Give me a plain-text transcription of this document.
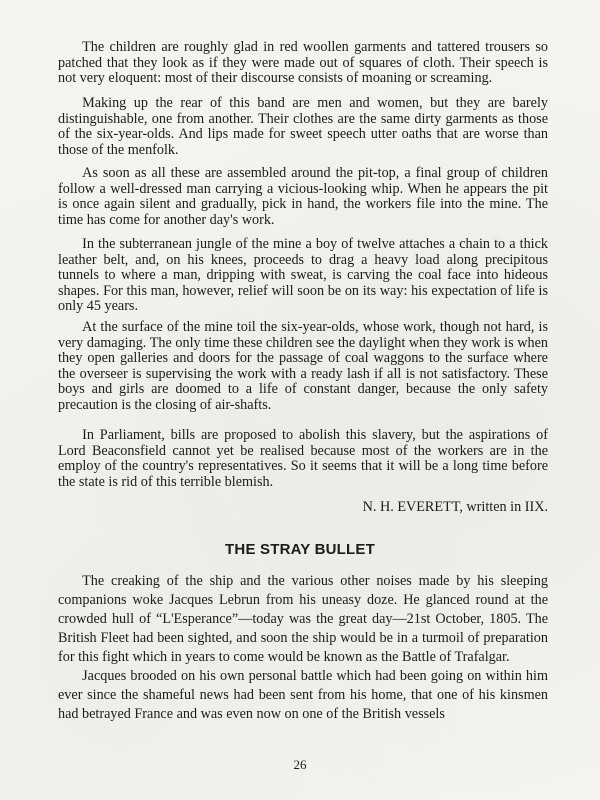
The children are roughly glad in red woollen garments and tattered trousers so patched that they look as if they were made out of squares of cloth. Their speech is not very eloquent: most of their discourse consists of moaning or screaming.

Making up the rear of this band are men and women, but they are barely distinguishable, one from another. Their clothes are the same dirty garments as those of the six-year-olds. And lips made for sweet speech utter oaths that are worse than those of the menfolk.

As soon as all these are assembled around the pit-top, a final group of children follow a well-dressed man carrying a vicious-looking whip. When he appears the pit is once again silent and gradually, pick in hand, the workers file into the mine. The time has come for another day's work.

In the subterranean jungle of the mine a boy of twelve attaches a chain to a thick leather belt, and, on his knees, proceeds to drag a heavy load along precipitous tunnels to where a man, dripping with sweat, is carving the coal face into hideous shapes. For this man, however, relief will soon be on its way: his expectation of life is only 45 years.

At the surface of the mine toil the six-year-olds, whose work, though not hard, is very damaging. The only time these children see the daylight when they work is when they open galleries and doors for the passage of coal waggons to the surface where the overseer is supervising the work with a ready lash if all is not satisfactory. These boys and girls are doomed to a life of constant danger, because the only safety precaution is the closing of air-shafts.

In Parliament, bills are proposed to abolish this slavery, but the aspirations of Lord Beaconsfield cannot yet be realised because most of the workers are in the employ of the country's representatives. So it seems that it will be a long time before the state is rid of this terrible blemish.

N. H. EVERETT, written in IIX.
THE STRAY BULLET

The creaking of the ship and the various other noises made by his sleeping companions woke Jacques Lebrun from his uneasy doze. He glanced round at the crowded hull of “L'Esperance”—today was the great day—21st October, 1805. The British Fleet had been sighted, and soon the ship would be in a turmoil of preparation for this fight which in years to come would be known as the Battle of Trafalgar.

Jacques brooded on his own personal battle which had been going on within him ever since the shameful news had been sent from his home, that one of his kinsmen had betrayed France and was even now on one of the British vessels

26
